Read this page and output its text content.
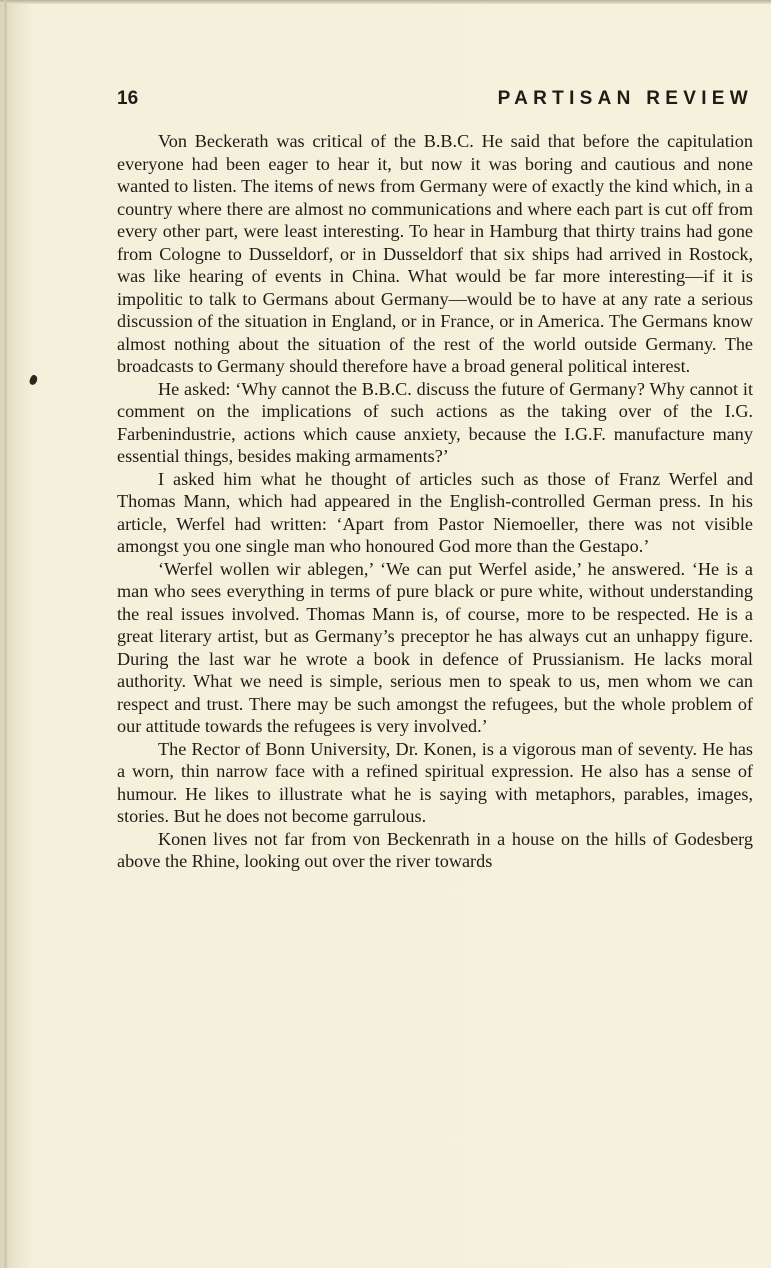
16	PARTISAN REVIEW

Von Beckerath was critical of the B.B.C. He said that before the capitulation everyone had been eager to hear it, but now it was boring and cautious and none wanted to listen. The items of news from Germany were of exactly the kind which, in a country where there are almost no communications and where each part is cut off from every other part, were least interesting. To hear in Hamburg that thirty trains had gone from Cologne to Dusseldorf, or in Dusseldorf that six ships had arrived in Rostock, was like hearing of events in China. What would be far more interesting—if it is impolitic to talk to Germans about Germany—would be to have at any rate a serious discussion of the situation in England, or in France, or in America. The Germans know almost nothing about the situation of the rest of the world outside Germany. The broadcasts to Germany should therefore have a broad general political interest.

He asked: ‘Why cannot the B.B.C. discuss the future of Germany? Why cannot it comment on the implications of such actions as the taking over of the I.G. Farbenindustrie, actions which cause anxiety, because the I.G.F. manufacture many essential things, besides making armaments?’

I asked him what he thought of articles such as those of Franz Werfel and Thomas Mann, which had appeared in the English-controlled German press. In his article, Werfel had written: ‘Apart from Pastor Niemoeller, there was not visible amongst you one single man who honoured God more than the Gestapo.’

‘Werfel wollen wir ablegen,’ ‘We can put Werfel aside,’ he answered. ‘He is a man who sees everything in terms of pure black or pure white, without understanding the real issues involved. Thomas Mann is, of course, more to be respected. He is a great literary artist, but as Germany’s preceptor he has always cut an unhappy figure. During the last war he wrote a book in defence of Prussianism. He lacks moral authority. What we need is simple, serious men to speak to us, men whom we can respect and trust. There may be such amongst the refugees, but the whole problem of our attitude towards the refugees is very involved.’

The Rector of Bonn University, Dr. Konen, is a vigorous man of seventy. He has a worn, thin narrow face with a refined spiritual expression. He also has a sense of humour. He likes to illustrate what he is saying with metaphors, parables, images, stories. But he does not become garrulous.

Konen lives not far from von Beckenrath in a house on the hills of Godesberg above the Rhine, looking out over the river towards
